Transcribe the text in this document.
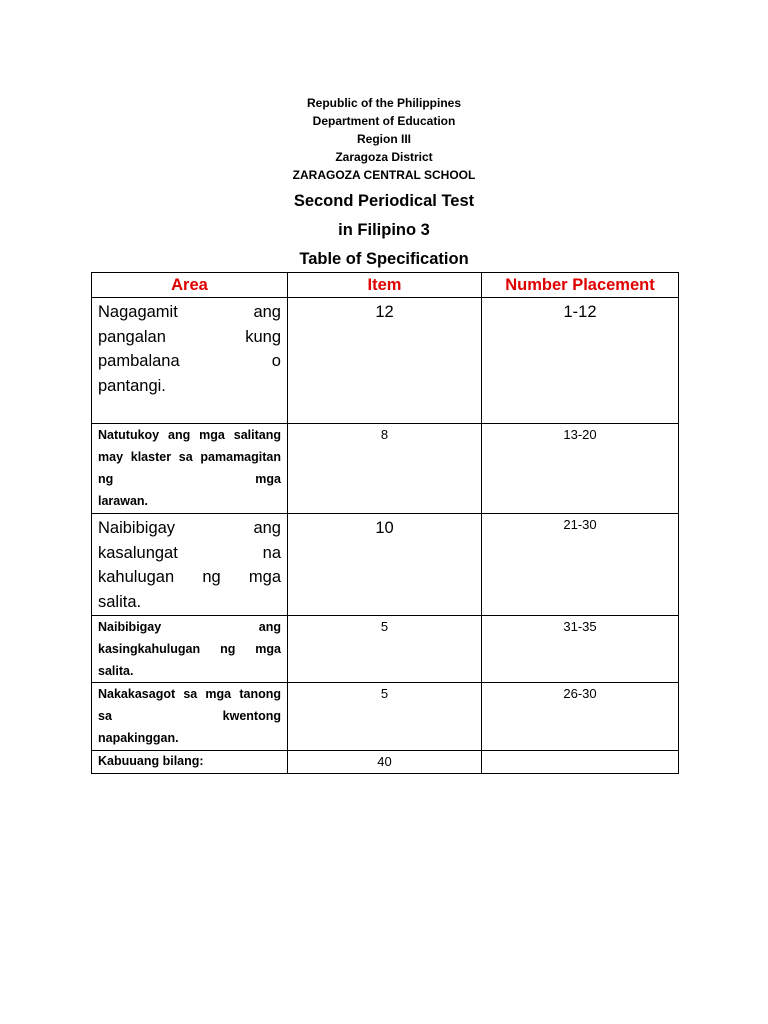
Republic of the Philippines
Department of Education
Region III
Zaragoza District
ZARAGOZA CENTRAL SCHOOL
Second Periodical Test
in Filipino 3
Table of Specification
Area	Item	Number Placement
Nagagamit ang pangalan kung pambalana o
pantangi.	12	1-12
Natutukoy ang mga salitang may klaster sa pamamagitan ng mga
larawan.	8	13-20
Naibibigay ang kasalungat na kahulugan ng mga
salita.	10	21-30
Naibibigay ang kasingkahulugan ng mga
salita.	5	31-35
Nakakasagot sa mga tanong sa kwentong
napakinggan.	5	26-30
Kabuuang bilang:	40	
